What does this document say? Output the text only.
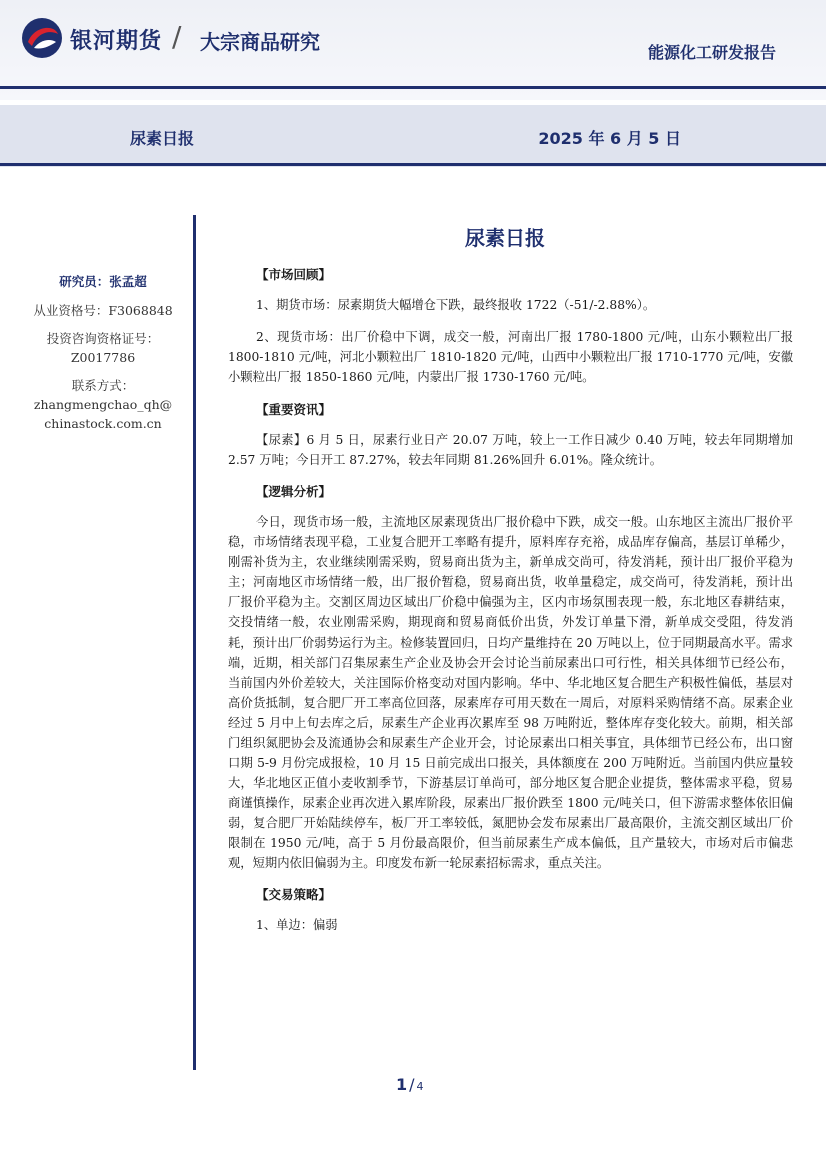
银河期货 / 大宗商品研究	能源化工研发报告
尿素日报	2025 年 6 月 5 日
研究员：张孟超
从业资格号：F3068848
投资咨询资格证号：
Z0017786
联系方式：
zhangmengchao_qh@
chinastock.com.cn
尿素日报
【市场回顾】

1、期货市场：尿素期货大幅增仓下跌，最终报收 1722（-51/-2.88%）。

2、现货市场：出厂价稳中下调，成交一般，河南出厂报 1780-1800 元/吨，山东小颗粒出厂报 1800-1810 元/吨，河北小颗粒出厂 1810-1820 元/吨，山西中小颗粒出厂报 1710-1770 元/吨，安徽小颗粒出厂报 1850-1860 元/吨，内蒙出厂报 1730-1760 元/吨。

【重要资讯】

【尿素】6 月 5 日，尿素行业日产 20.07 万吨，较上一工作日减少 0.40 万吨，较去年同期增加 2.57 万吨；今日开工 87.27%，较去年同期 81.26%回升 6.01%。隆众统计。

【逻辑分析】

今日，现货市场一般，主流地区尿素现货出厂报价稳中下跌，成交一般。山东地区主流出厂报价平稳，市场情绪表现平稳，工业复合肥开工率略有提升，原料库存充裕，成品库存偏高，基层订单稀少，刚需补货为主，农业继续刚需采购，贸易商出货为主，新单成交尚可，待发消耗，预计出厂报价平稳为主；河南地区市场情绪一般，出厂报价暂稳，贸易商出货，收单量稳定，成交尚可，待发消耗，预计出厂报价平稳为主。交割区周边区域出厂价稳中偏强为主，区内市场氛围表现一般，东北地区春耕结束，交投情绪一般，农业刚需采购，期现商和贸易商低价出货，外发订单量下滑，新单成交受阻，待发消耗，预计出厂价弱势运行为主。检修装置回归，日均产量维持在 20 万吨以上，位于同期最高水平。需求端，近期，相关部门召集尿素生产企业及协会开会讨论当前尿素出口可行性，相关具体细节已经公布，当前国内外价差较大，关注国际价格变动对国内影响。华中、华北地区复合肥生产积极性偏低，基层对高价货抵制，复合肥厂开工率高位回落，尿素库存可用天数在一周后，对原料采购情绪不高。尿素企业经过 5 月中上旬去库之后，尿素生产企业再次累库至 98 万吨附近，整体库存变化较大。前期，相关部门组织氮肥协会及流通协会和尿素生产企业开会，讨论尿素出口相关事宜，具体细节已经公布，出口窗口期 5-9 月份完成报检，10 月 15 日前完成出口报关，具体额度在 200 万吨附近。当前国内供应量较大，华北地区正值小麦收割季节，下游基层订单尚可，部分地区复合肥企业提货，整体需求平稳，贸易商谨慎操作，尿素企业再次进入累库阶段，尿素出厂报价跌至 1800 元/吨关口，但下游需求整体依旧偏弱，复合肥厂开始陆续停车，板厂开工率较低，氮肥协会发布尿素出厂最高限价，主流交割区域出厂价限制在 1950 元/吨，高于 5 月份最高限价，但当前尿素生产成本偏低，且产量较大，市场对后市偏悲观，短期内依旧偏弱为主。印度发布新一轮尿素招标需求，重点关注。

【交易策略】

1、单边：偏弱

1 / 4
